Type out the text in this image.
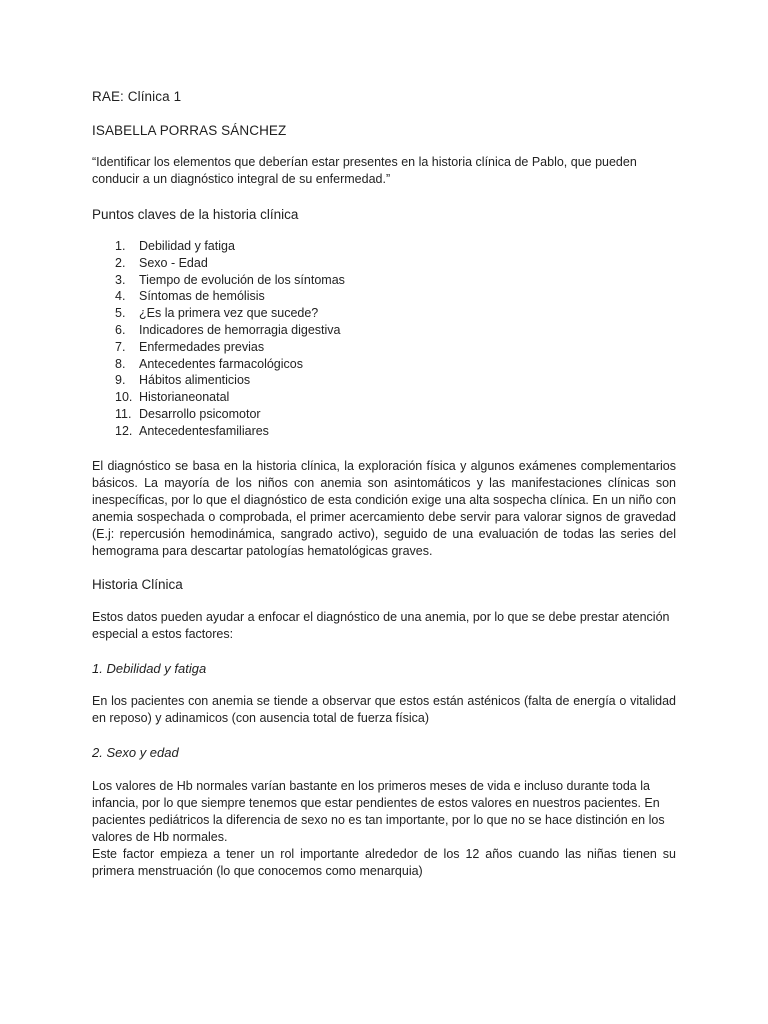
RAE: Clínica 1
ISABELLA PORRAS SÁNCHEZ
“Identificar los elementos que deberían estar presentes en la historia clínica de Pablo, que pueden conducir a un diagnóstico integral de su enfermedad.”
Puntos claves de la historia clínica
1.	Debilidad y fatiga
2.	Sexo - Edad
3.	Tiempo de evolución de los síntomas
4.	Síntomas de hemólisis
5.	¿Es la primera vez que sucede?
6.	Indicadores de hemorragia digestiva
7.	Enfermedades previas
8.	Antecedentes farmacológicos
9.	Hábitos alimenticios
10. Historianeonatal
11. Desarrollo psicomotor
12. Antecedentesfamiliares
El diagnóstico se basa en la historia clínica, la exploración física y algunos exámenes complementarios básicos. La mayoría de los niños con anemia son asintomáticos y las manifestaciones clínicas son inespecíficas, por lo que el diagnóstico de esta condición exige una alta sospecha clínica. En un niño con anemia sospechada o comprobada, el primer acercamiento debe servir para valorar signos de gravedad (E.j: repercusión hemodinámica, sangrado activo), seguido de una evaluación de todas las series del hemograma para descartar patologías hematológicas graves.
Historia Clínica
Estos datos pueden ayudar a enfocar el diagnóstico de una anemia, por lo que se debe prestar atención especial a estos factores:
1. Debilidad y fatiga
En los pacientes con anemia se tiende a observar que estos están asténicos (falta de energía o vitalidad en reposo) y adinamicos (con ausencia total de fuerza física)
2. Sexo y edad
Los valores de Hb normales varían bastante en los primeros meses de vida e incluso durante toda la infancia, por lo que siempre tenemos que estar pendientes de estos valores en nuestros pacientes. En pacientes pediátricos la diferencia de sexo no es tan importante, por lo que no se hace distinción en los valores de Hb normales.
Este factor empieza a tener un rol importante alrededor de los 12 años cuando las niñas tienen su primera menstruación (lo que conocemos como menarquia)
